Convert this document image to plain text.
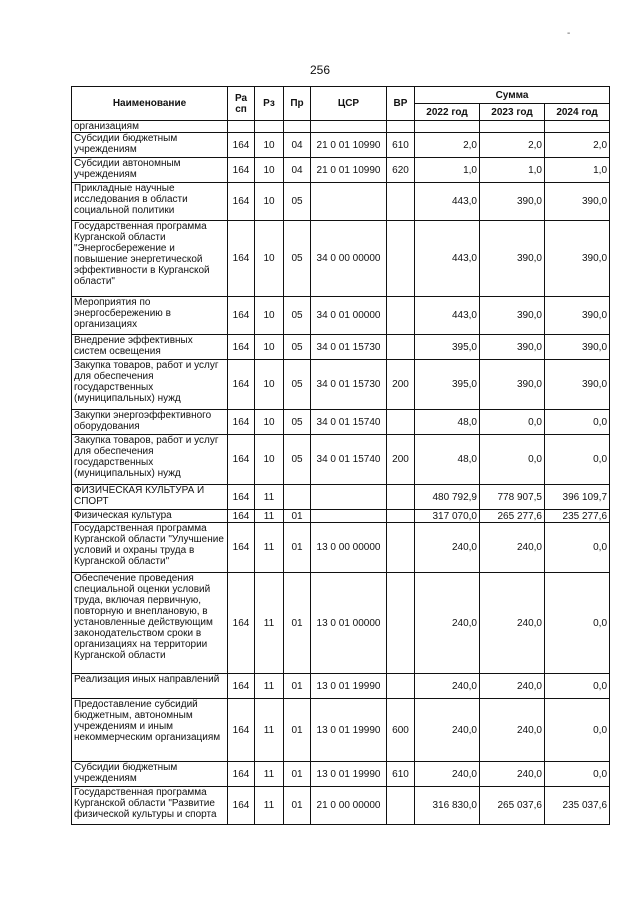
-
256
Наименование	Ра сп	Рз	Пр	ЦСР	ВР	Сумма		
						2022 год	2023 год	2024 год
организациям								
Субсидии бюджетным учреждениям	164	10	04	21 0 01 10990	610	2,0	2,0	2,0
Субсидии автономным учреждениям	164	10	04	21 0 01 10990	620	1,0	1,0	1,0
Прикладные научные исследования в области социальной политики	164	10	05			443,0	390,0	390,0
Государственная программа Курганской области "Энергосбережение и повышение энергетической эффективности в Курганской области"	164	10	05	34 0 00 00000		443,0	390,0	390,0
Мероприятия по энергосбережению в организациях	164	10	05	34 0 01 00000		443,0	390,0	390,0
Внедрение эффективных систем освещения	164	10	05	34 0 01 15730		395,0	390,0	390,0
Закупка товаров, работ и услуг для обеспечения государственных (муниципальных) нужд	164	10	05	34 0 01 15730	200	395,0	390,0	390,0
Закупки энергоэффективного оборудования	164	10	05	34 0 01 15740		48,0	0,0	0,0
Закупка товаров, работ и услуг для обеспечения государственных (муниципальных) нужд	164	10	05	34 0 01 15740	200	48,0	0,0	0,0
ФИЗИЧЕСКАЯ КУЛЬТУРА И СПОРТ	164	11				480 792,9	778 907,5	396 109,7
Физическая культура	164	11	01			317 070,0	265 277,6	235 277,6
Государственная программа Курганской области "Улучшение условий и охраны труда в Курганской области"	164	11	01	13 0 00 00000		240,0	240,0	0,0
Обеспечение проведения специальной оценки условий труда, включая первичную, повторную и внеплановую, в установленные действующим законодательством сроки в организациях на территории Курганской области	164	11	01	13 0 01 00000		240,0	240,0	0,0
Реализация иных направлений	164	11	01	13 0 01 19990		240,0	240,0	0,0
Предоставление субсидий бюджетным, автономным учреждениям и иным некоммерческим организациям	164	11	01	13 0 01 19990	600	240,0	240,0	0,0
Субсидии бюджетным учреждениям	164	11	01	13 0 01 19990	610	240,0	240,0	0,0
Государственная программа Курганской области "Развитие физической культуры и спорта	164	11	01	21 0 00 00000		316 830,0	265 037,6	235 037,6
